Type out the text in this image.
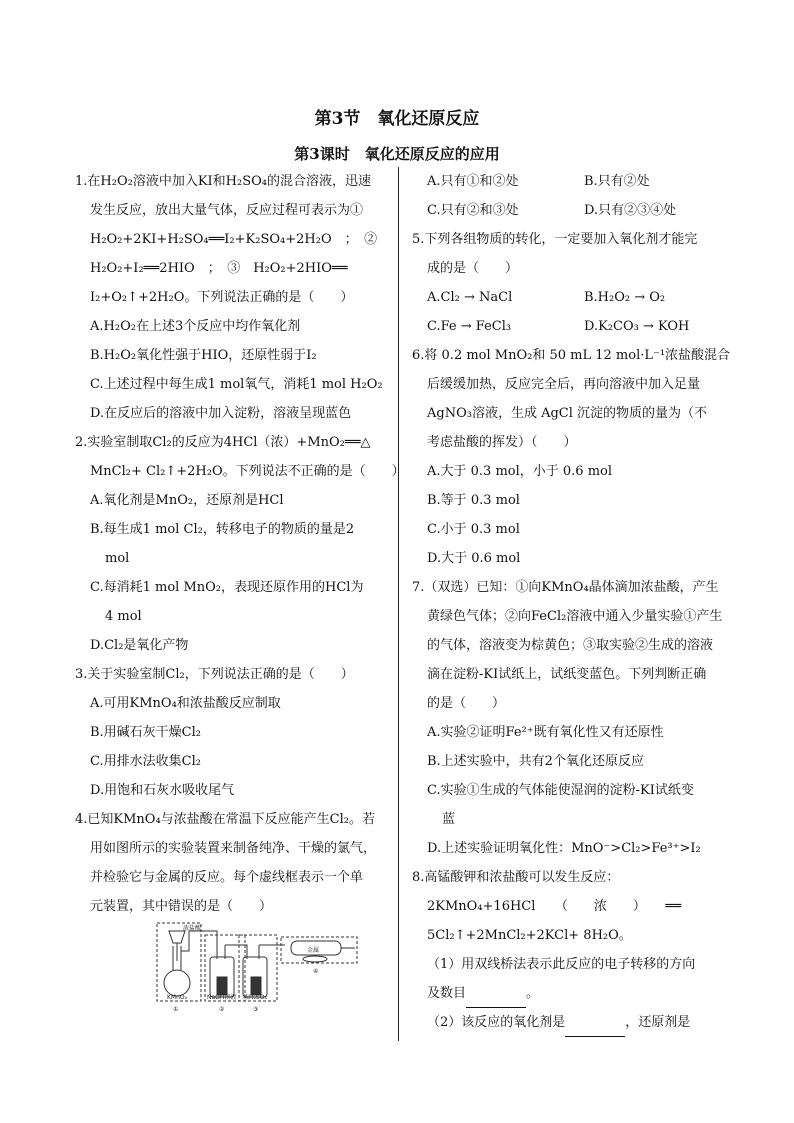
第3节　氧化还原反应
第3课时　氧化还原反应的应用
1.在H₂O₂溶液中加入KI和H₂SO₄的混合溶液，迅速
发生反应，放出大量气体，反应过程可表示为①
H₂O₂+2KI+H₂SO₄══I₂+K₂SO₄+2H₂O　；　②
H₂O₂+I₂══2HIO　；　③　H₂O₂+2HIO══
I₂+O₂↑+2H₂O。下列说法正确的是（　　）
A.H₂O₂在上述3个反应中均作氧化剂
B.H₂O₂氧化性强于HIO，还原性弱于I₂
C.上述过程中每生成1 mol氧气，消耗1 mol H₂O₂
D.在反应后的溶液中加入淀粉，溶液呈现蓝色
2.实验室制取Cl₂的反应为4HCl（浓）+MnO₂══△
MnCl₂+ Cl₂↑+2H₂O。下列说法不正确的是（　　）
A.氧化剂是MnO₂，还原剂是HCl
B.每生成1 mol Cl₂，转移电子的物质的量是2
mol
C.每消耗1 mol MnO₂，表现还原作用的HCl为
4 mol
D.Cl₂是氧化产物
3.关于实验室制Cl₂，下列说法正确的是（　　）
A.可用KMnO₄和浓盐酸反应制取
B.用碱石灰干燥Cl₂
C.用排水法收集Cl₂
D.用饱和石灰水吸收尾气
4.已知KMnO₄与浓盐酸在常温下反应能产生Cl₂。若
用如图所示的实验装置来制备纯净、干燥的氯气，
并检验它与金属的反应。每个虚线框表示一个单
元装置，其中错误的是（　　）
浓盐酸
KMnO₄	NaOH溶液 浓H₂SO₄
金属
①	②	③
④
A.只有①和②处	B.只有②处
C.只有②和③处	D.只有②③④处
5.下列各组物质的转化，一定要加入氧化剂才能完
成的是（　　）
A.Cl₂ → NaCl	B.H₂O₂ → O₂
C.Fe → FeCl₃	D.K₂CO₃ → KOH
6.将 0.2 mol MnO₂和 50 mL 12 mol·L⁻¹浓盐酸混合
后缓缓加热，反应完全后，再向溶液中加入足量
AgNO₃溶液，生成 AgCl 沉淀的物质的量为（不
考虑盐酸的挥发）（　　）
A.大于 0.3 mol，小于 0.6 mol
B.等于 0.3 mol
C.小于 0.3 mol
D.大于 0.6 mol
7.（双选）已知：①向KMnO₄晶体滴加浓盐酸，产生
黄绿色气体；②向FeCl₂溶液中通入少量实验①产生
的气体，溶液变为棕黄色；③取实验②生成的溶液
滴在淀粉-KI试纸上，试纸变蓝色。下列判断正确
的是（　　）
A.实验②证明Fe²⁺既有氧化性又有还原性
B.上述实验中，共有2个氧化还原反应
C.实验①生成的气体能使湿润的淀粉-KI试纸变
蓝
D.上述实验证明氧化性：MnO⁻>Cl₂>Fe³⁺>I₂
8.高锰酸钾和浓盐酸可以发生反应：
2KMnO₄+16HCl　　（　　浓　　）　　══
5Cl₂↑+2MnCl₂+2KCl+ 8H₂O。
（1）用双线桥法表示此反应的电子转移的方向
及数目	。
（2）该反应的氧化剂是	，还原剂是
